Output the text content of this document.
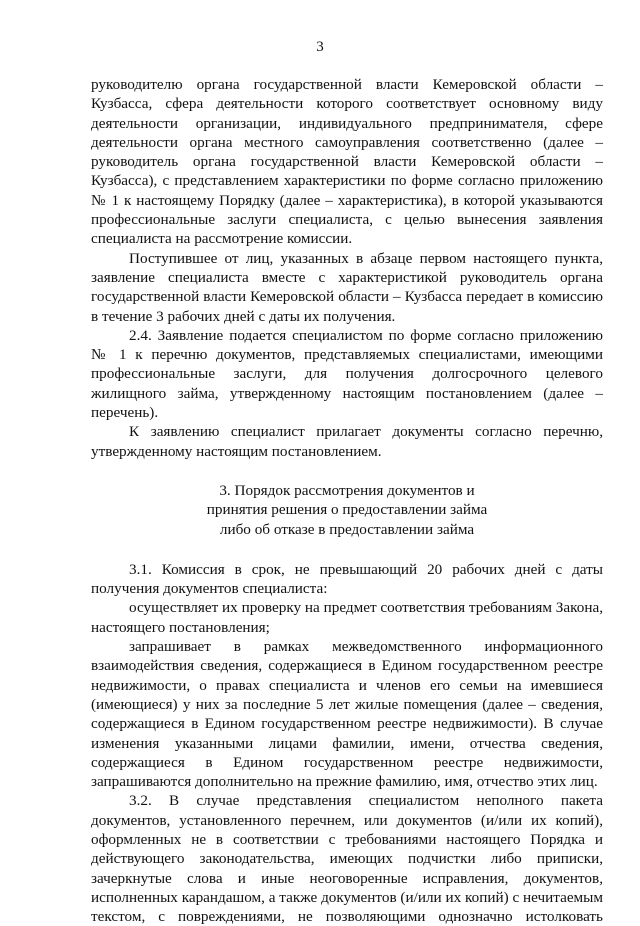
3

руководителю органа государственной власти Кемеровской области – Кузбасса, сфера деятельности которого соответствует основному виду деятельности организации, индивидуального предпринимателя, сфере деятельности органа местного самоуправления соответственно (далее – руководитель органа государственной власти Кемеровской области – Кузбасса), с представлением характеристики по форме согласно приложению № 1 к настоящему Порядку (далее – характеристика), в которой указываются профессиональные заслуги специалиста, с целью вынесения заявления специалиста на рассмотрение комиссии.

Поступившее от лиц, указанных в абзаце первом настоящего пункта, заявление специалиста вместе с характеристикой руководитель органа государственной власти Кемеровской области – Кузбасса передает в комиссию в течение 3 рабочих дней с даты их получения.

2.4. Заявление подается специалистом по форме согласно приложению № 1 к перечню документов, представляемых специалистами, имеющими профессиональные заслуги, для получения долгосрочного целевого жилищного займа, утвержденному настоящим постановлением (далее – перечень).

К заявлению специалист прилагает документы согласно перечню, утвержденному настоящим постановлением.

3. Порядок рассмотрения документов и
принятия решения о предоставлении займа
либо об отказе в предоставлении займа

3.1. Комиссия в срок, не превышающий 20 рабочих дней с даты получения документов специалиста:

осуществляет их проверку на предмет соответствия требованиям Закона, настоящего постановления;

запрашивает в рамках межведомственного информационного взаимодействия сведения, содержащиеся в Едином государственном реестре недвижимости, о правах специалиста и членов его семьи на имевшиеся (имеющиеся) у них за последние 5 лет жилые помещения (далее – сведения, содержащиеся в Едином государственном реестре недвижимости). В случае изменения указанными лицами фамилии, имени, отчества сведения, содержащиеся в Едином государственном реестре недвижимости, запрашиваются дополнительно на прежние фамилию, имя, отчество этих лиц.

3.2. В случае представления специалистом неполного пакета документов, установленного перечнем, или документов (и/или их копий), оформленных не в соответствии с требованиями настоящего Порядка и действующего законодательства, имеющих подчистки либо приписки, зачеркнутые слова и иные неоговоренные исправления, документов, исполненных карандашом, а также документов (и/или их копий) с нечитаемым текстом, с повреждениями, не позволяющими однозначно истолковать
